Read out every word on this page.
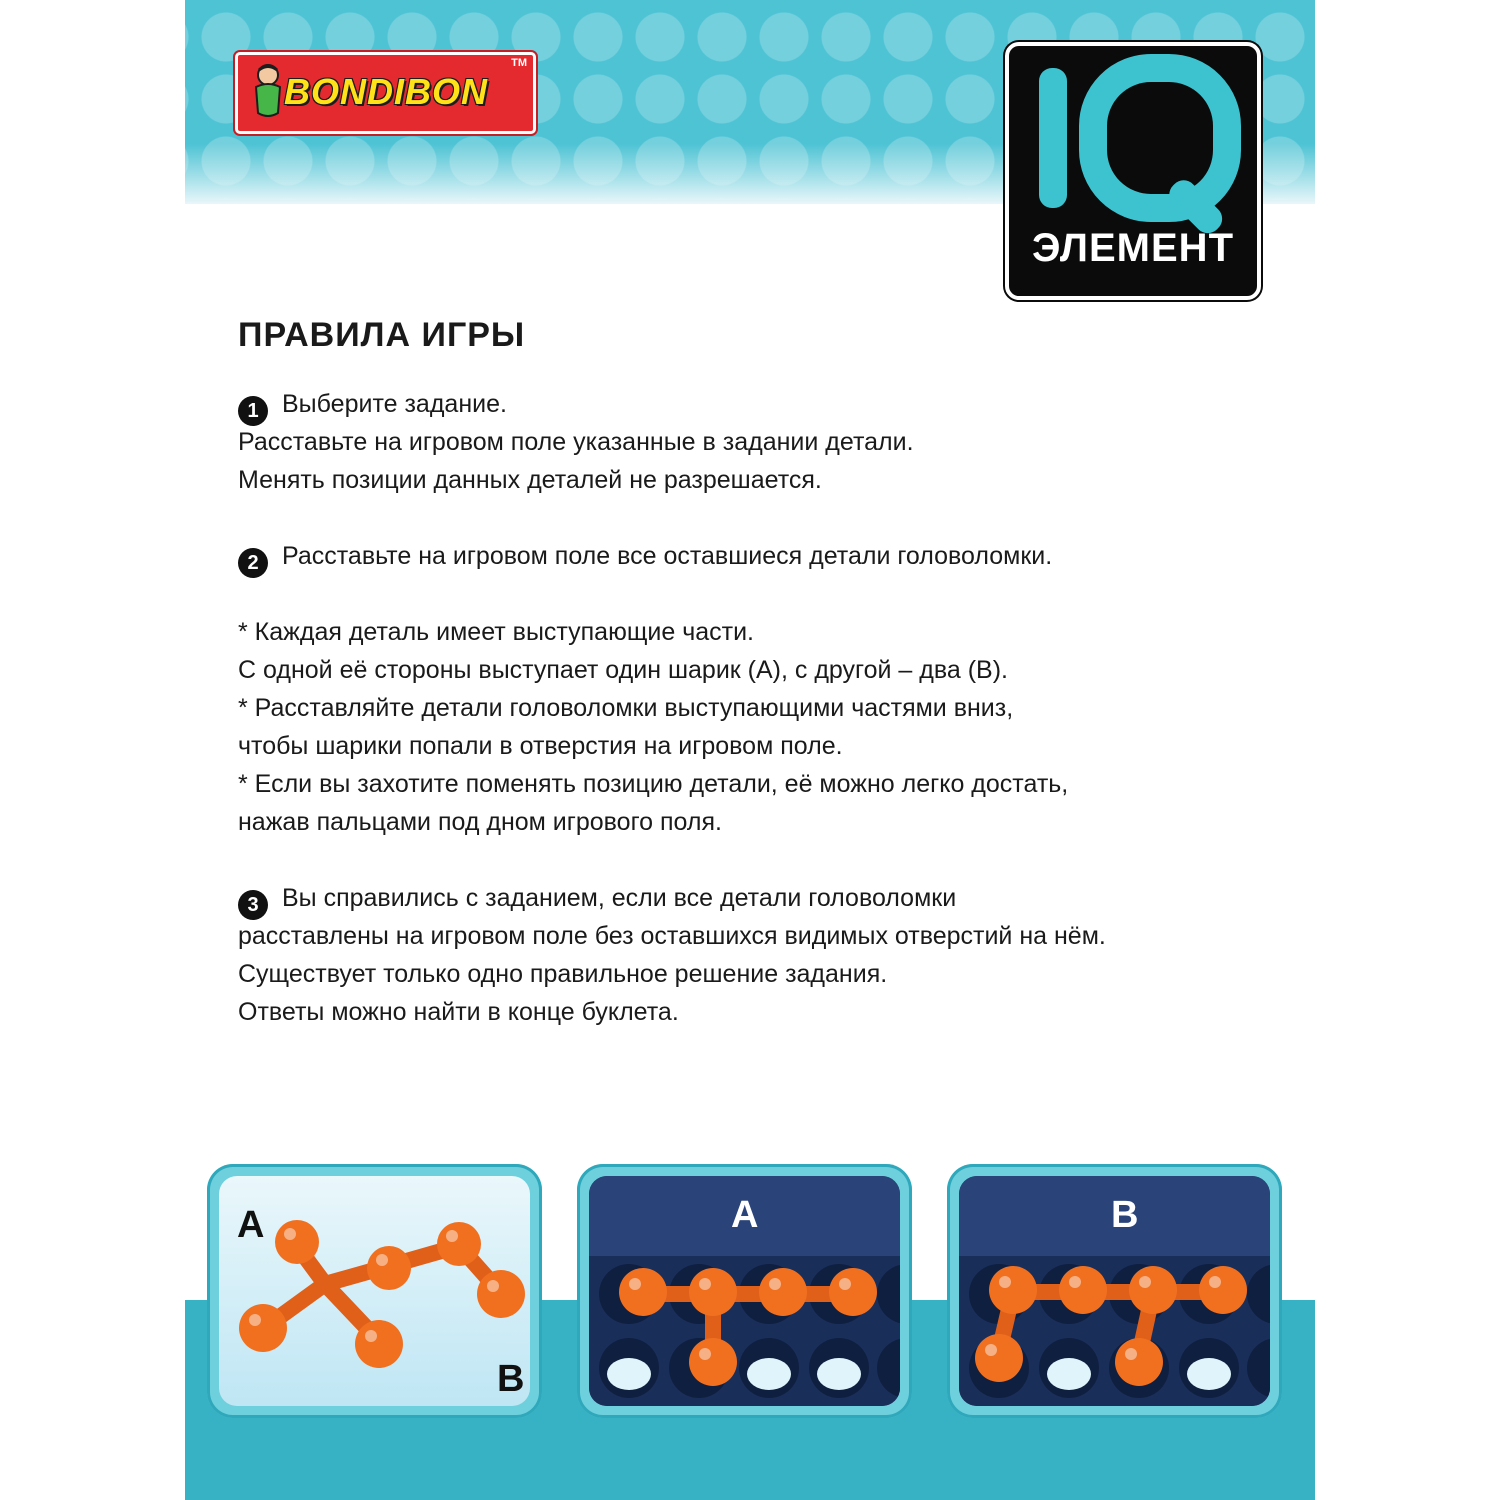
BONDIBON
TM
ЭЛЕМЕНТ
ПРАВИЛА ИГРЫ
1 Выберите задание.
Расставьте на игровом поле указанные в задании детали.
Менять позиции данных деталей не разрешается.
2 Расставьте на игровом поле все оставшиеся детали головоломки.
* Каждая деталь имеет выступающие части.
С одной её стороны выступает один шарик (A), с другой – два (B).
* Расставляйте детали головоломки выступающими частями вниз,
чтобы шарики попали в отверстия на игровом поле.
* Если вы захотите поменять позицию детали, её можно легко достать,
нажав пальцами под дном игрового поля.
3 Вы справились с заданием, если все детали головоломки
расставлены на игровом поле без оставшихся видимых отверстий на нём.
Существует только одно правильное решение задания.
Ответы можно найти в конце буклета.
A
B
A	B
